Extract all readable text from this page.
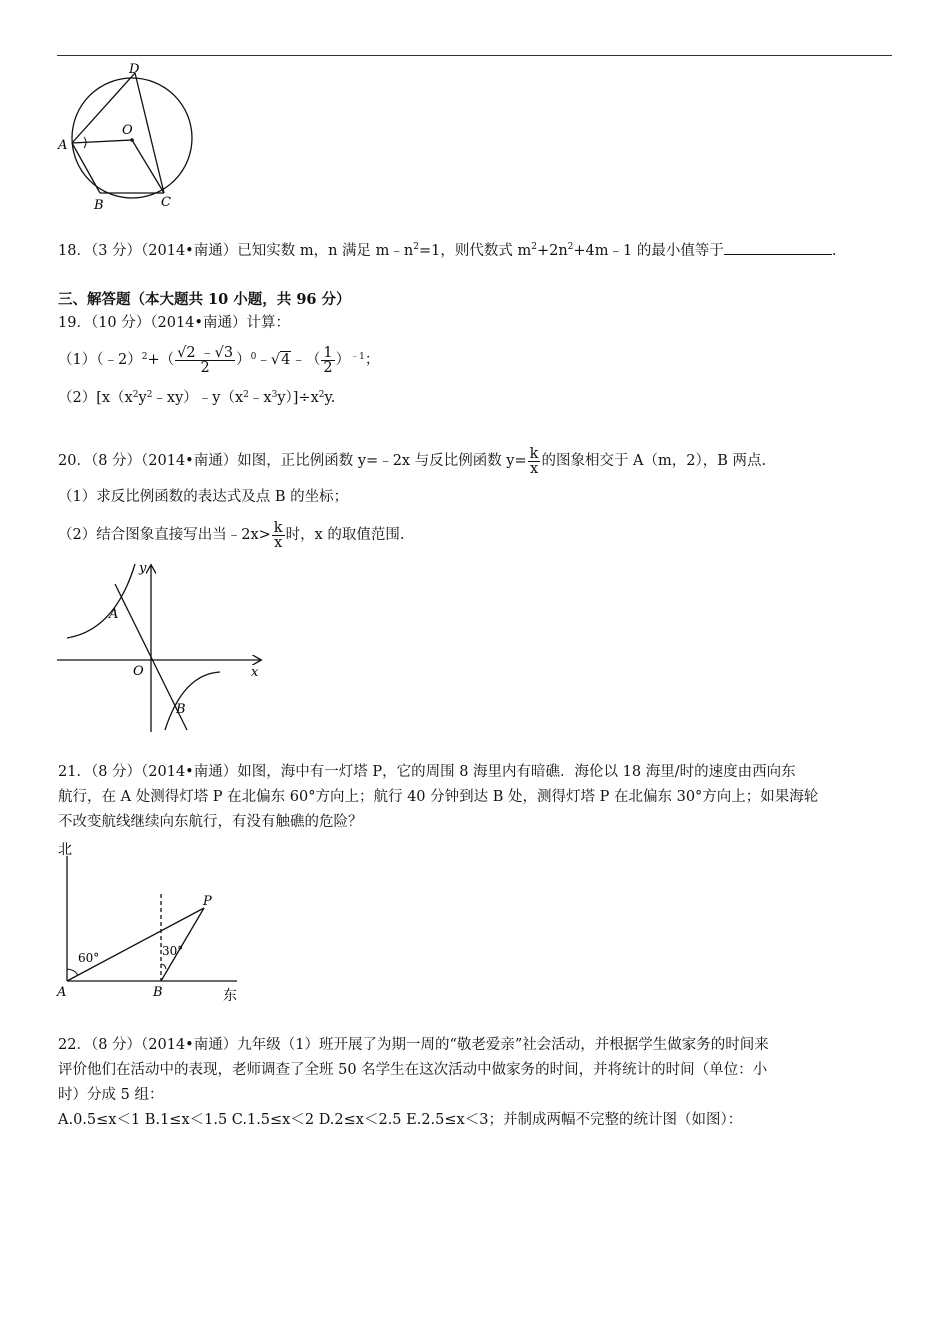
D
O
A
B	C
18．（3 分）（2014•南通）已知实数 m，n 满足 $m﹣n^2=1$，则代数式 $m^2+2n^2+4m﹣1$ 的最小值等于	.
三、解答题（本大题共 10 小题，共 96 分）
19．（10 分）（2014•南通）计算：
（1）（﹣2）$^2$+（ $\frac{√2 ﹣√3}{2}$ ）$^0$﹣√4﹣（ $\frac{1}{2} )^{﹣1}$；
$(2)[x(x^2y^2﹣xy)﹣y(x^2﹣x^3y)]\div x^2y$.
20．（8 分）（2014•南通）如图，正比例函数 y=﹣2x 与反比例函数 $y= \frac{k}{x}$ 的图象相交于 A（m，2），B 两点.
（1）求反比例函数的表达式及点 B 的坐标；
（2）结合图象直接写出当﹣2x> $\frac{k}{x}$ 时，x 的取值范围.
y
A
O	x
B
21．（8 分）（2014•南通）如图，海中有一灯塔 P，它的周围 8 海里内有暗礁．海伦以 18 海里/时的速度由西向东
航行，在 A 处测得灯塔 P 在北偏东 60°方向上；航行 40 分钟到达 B 处，测得灯塔 P 在北偏东 30°方向上；如果海轮
不改变航线继续向东航行，有没有触礁的危险？
北
P
60°	30°
A	B	东
22．（8 分）（2014•南通）九年级（1）班开展了为期一周的“敬老爱亲”社会活动，并根据学生做家务的时间来
评价他们在活动中的表现，老师调查了全班 50 名学生在这次活动中做家务的时间，并将统计的时间（单位：小
时）分成 5 组：
A.0.5≤x＜1 B.1≤x＜1.5 C.1.5≤x＜2 D.2≤x＜2.5 E.2.5≤x＜3；并制成两幅不完整的统计图（如图）：
